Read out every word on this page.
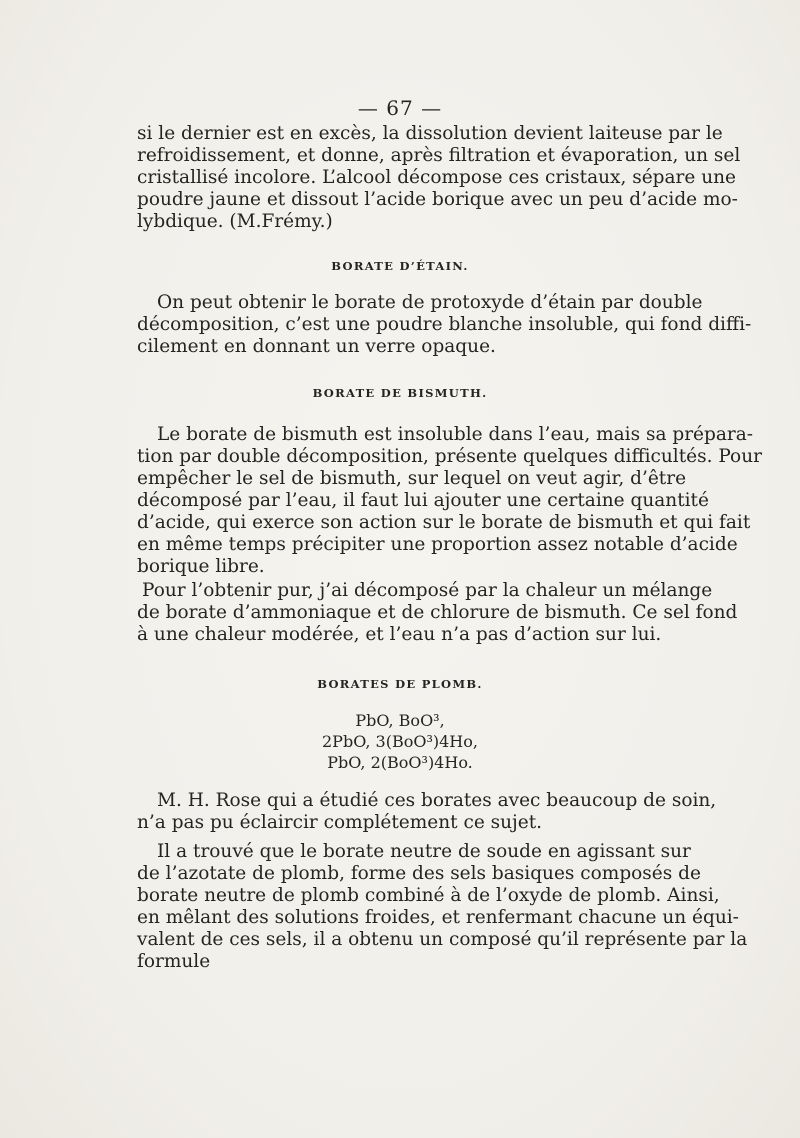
— 67 —
si le dernier est en excès, la dissolution devient laiteuse par le
refroidissement, et donne, après filtration et évaporation, un sel
cristallisé incolore. L’alcool décompose ces cristaux, sépare une
poudre jaune et dissout l’acide borique avec un peu d’acide mo-
lybdique. (M.Frémy.)
BORATE D’ÉTAIN.
On peut obtenir le borate de protoxyde d’étain par double
décomposition, c’est une poudre blanche insoluble, qui fond diffi-
cilement en donnant un verre opaque.
BORATE DE BISMUTH.
Le borate de bismuth est insoluble dans l’eau, mais sa prépara-
tion par double décomposition, présente quelques difficultés. Pour
empêcher le sel de bismuth, sur lequel on veut agir, d’être
décomposé par l’eau, il faut lui ajouter une certaine quantité
d’acide, qui exerce son action sur le borate de bismuth et qui fait
en même temps précipiter une proportion assez notable d’acide
borique libre.
Pour l’obtenir pur, j’ai décomposé par la chaleur un mélange
de borate d’ammoniaque et de chlorure de bismuth. Ce sel fond
à une chaleur modérée, et l’eau n’a pas d’action sur lui.
BORATES DE PLOMB.
PbO, BoO³,
2PbO, 3(BoO³)4Ho,
PbO, 2(BoO³)4Ho.
M. H. Rose qui a étudié ces borates avec beaucoup de soin,
n’a pas pu éclaircir complétement ce sujet.
Il a trouvé que le borate neutre de soude en agissant sur
de l’azotate de plomb, forme des sels basiques composés de
borate neutre de plomb combiné à de l’oxyde de plomb. Ainsi,
en mêlant des solutions froides, et renfermant chacune un équi-
valent de ces sels, il a obtenu un composé qu’il représente par la
formule
